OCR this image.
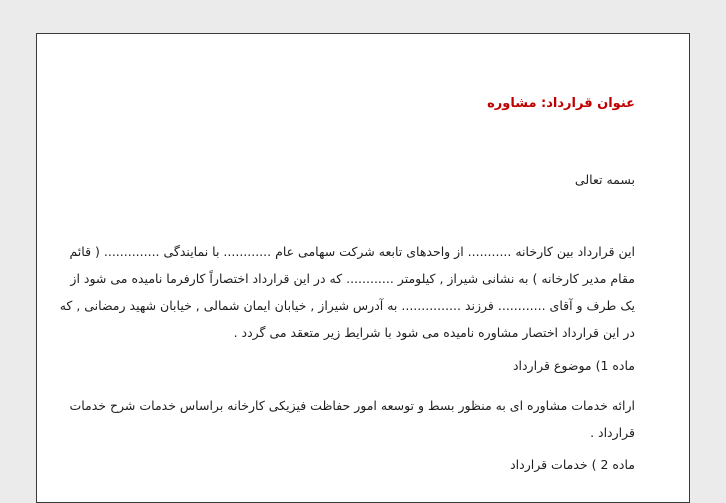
عنوان قرارداد: مشاوره

بسمه تعالی

این قرارداد بین کارخانه ........... از واحدهای تابعه شرکت سهامی عام ............ با نمایندگی .............. ( قائم
مقام مدیر کارخانه ) به نشانی شیراز , کیلومتر ............ که در این قرارداد اختصاراً کارفرما نامیده می شود از
یک طرف و آقای ............ فرزند ............... به آدرس شیراز , خیابان ایمان شمالی , خیابان شهید رمضانی , که
در این قرارداد اختصار مشاوره نامیده می شود با شرایط زیر متعقد می گردد .

ماده 1) موضوع قرارداد

ارائه خدمات مشاوره ای به منظور بسط و توسعه امور حفاظت فیزیکی کارخانه براساس خدمات شرح خدمات
قرارداد .

ماده 2 ) خدمات قرارداد
